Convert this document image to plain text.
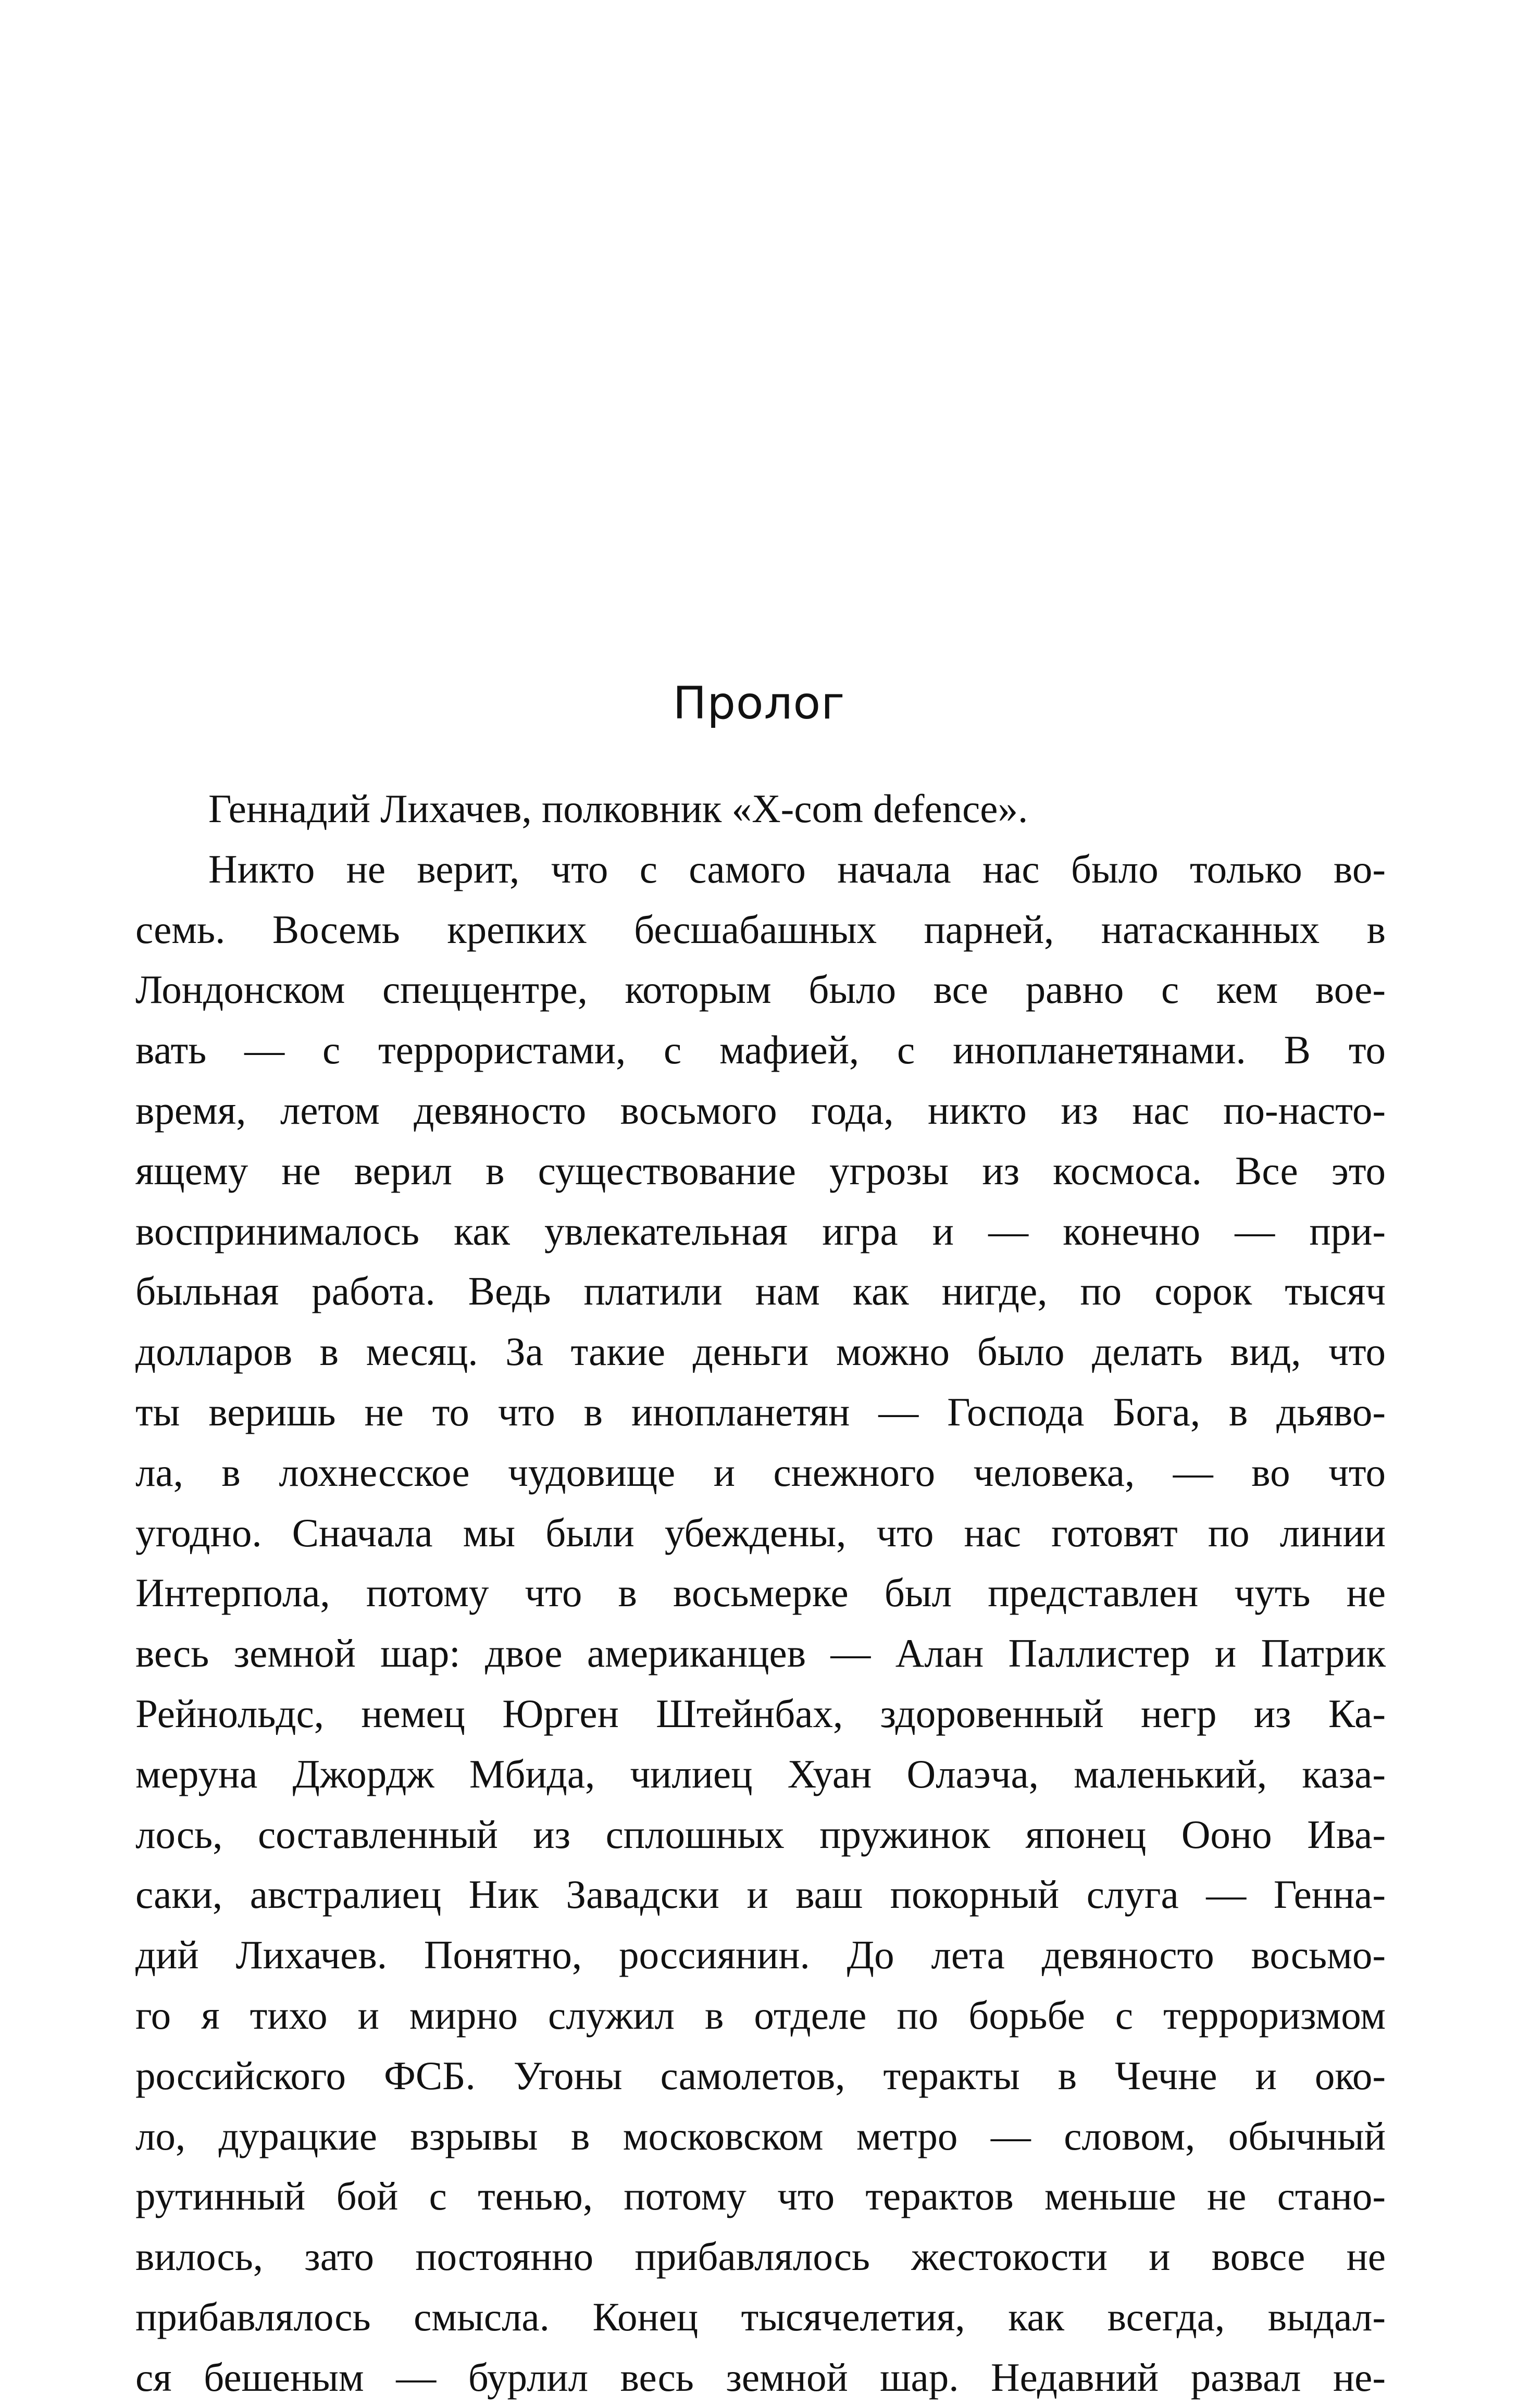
Пролог
Геннадий Лихачев, полковник «X-com defence».
Никто не верит, что с самого начала нас было только во-
семь. Восемь крепких бесшабашных парней, натасканных в
Лондонском спеццентре, которым было все равно с кем вое-
вать — с террористами, с мафией, с инопланетянами. В то
время, летом девяносто восьмого года, никто из нас по-насто-
ящему не верил в существование угрозы из космоса. Все это
воспринималось как увлекательная игра и — конечно — при-
быльная работа. Ведь платили нам как нигде, по сорок тысяч
долларов в месяц. За такие деньги можно было делать вид, что
ты веришь не то что в инопланетян — Господа Бога, в дьяво-
ла, в лохнесское чудовище и снежного человека, — во что
угодно. Сначала мы были убеждены, что нас готовят по линии
Интерпола, потому что в восьмерке был представлен чуть не
весь земной шар: двое американцев — Алан Паллистер и Патрик
Рейнольдс, немец Юрген Штейнбах, здоровенный негр из Ка-
меруна Джордж Мбида, чилиец Хуан Олаэча, маленький, каза-
лось, составленный из сплошных пружинок японец Ооно Ива-
саки, австралиец Ник Завадски и ваш покорный слуга — Генна-
дий Лихачев. Понятно, россиянин. До лета девяносто восьмо-
го я тихо и мирно служил в отделе по борьбе с терроризмом
российского ФСБ. Угоны самолетов, теракты в Чечне и око-
ло, дурацкие взрывы в московском метро — словом, обычный
рутинный бой с тенью, потому что терактов меньше не стано-
вилось, зато постоянно прибавлялось жестокости и вовсе не
прибавлялось смысла. Конец тысячелетия, как всегда, выдал-
ся бешеным — бурлил весь земной шар. Недавний развал не-
